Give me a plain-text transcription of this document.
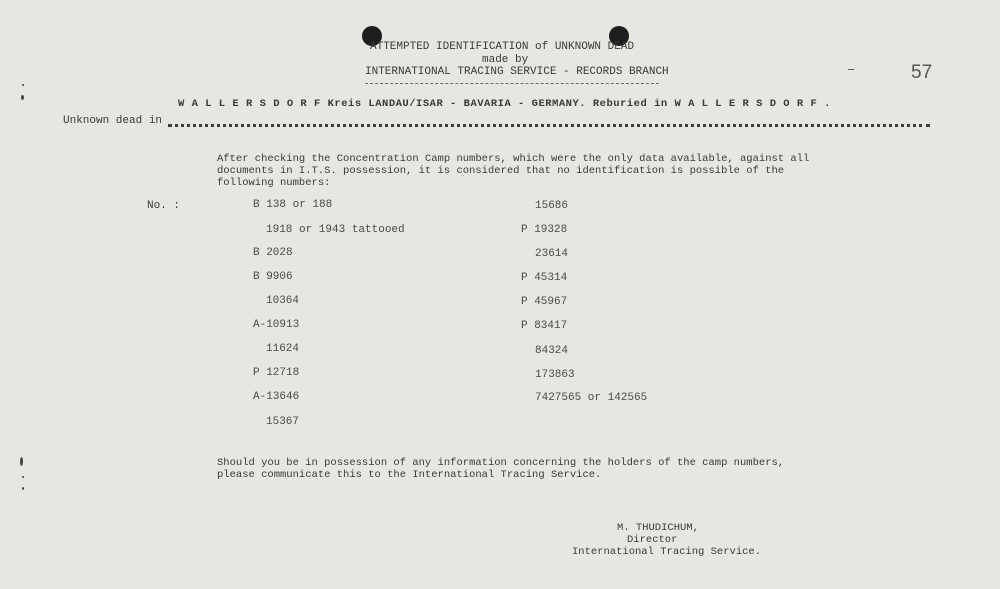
ATTEMPTED IDENTIFICATION of UNKNOWN DEAD
made by
INTERNATIONAL TRACING SERVICE - RECORDS BRANCH	57
–
W A L L E R S D O R F Kreis LANDAU/ISAR - BAVARIA - GERMANY. Reburied in W A L L E R S D O R F .
Unknown dead in
After checking the Concentration Camp numbers, which were the only data available, against all
documents in I.T.S. possession, it is considered that no identification is possible of the
following numbers:
No. :	B 138 or 188
1918 or 1943 tattooed
B 2028
B 9906
10364
A-10913
11624
P 12718
A-13646
15367
15686
P 19328
23614
P 45314
P 45967
P 83417
84324
173863
7427565 or 142565
Should you be in possession of any information concerning the holders of the camp numbers,
please communicate this to the International Tracing Service.
M. THUDICHUM,
Director
International Tracing Service.
